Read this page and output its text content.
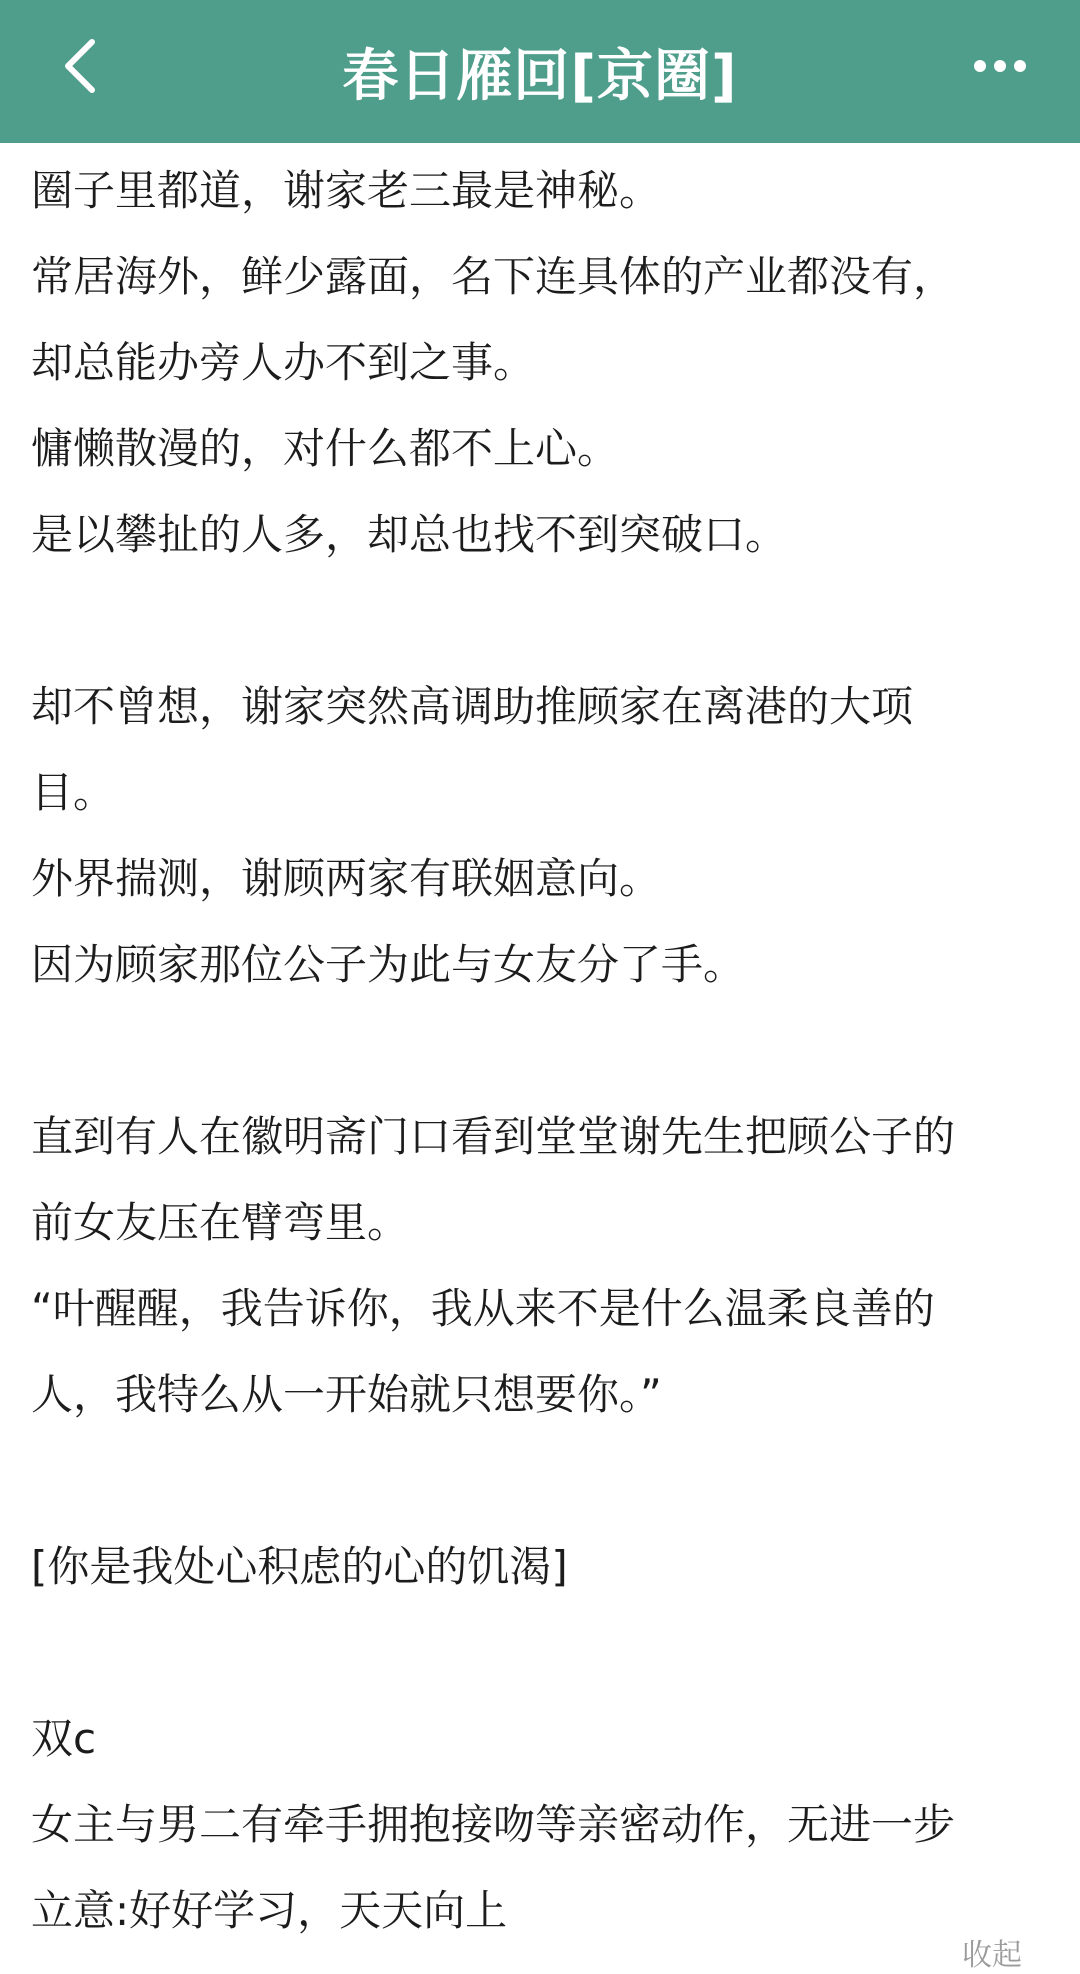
春日雁回[京圈]
圈子里都道，谢家老三最是神秘。
常居海外，鲜少露面，名下连具体的产业都没有，
却总能办旁人办不到之事。
慵懒散漫的，对什么都不上心。
是以攀扯的人多，却总也找不到突破口。
却不曾想，谢家突然高调助推顾家在离港的大项
目。
外界揣测，谢顾两家有联姻意向。
因为顾家那位公子为此与女友分了手。
直到有人在徽明斋门口看到堂堂谢先生把顾公子的
前女友压在臂弯里。
“叶醒醒，我告诉你，我从来不是什么温柔良善的
人，我特么从一开始就只想要你。”
[你是我处心积虑的心的饥渴]
双c
女主与男二有牵手拥抱接吻等亲密动作，无进一步
立意:好好学习，天天向上
收起
